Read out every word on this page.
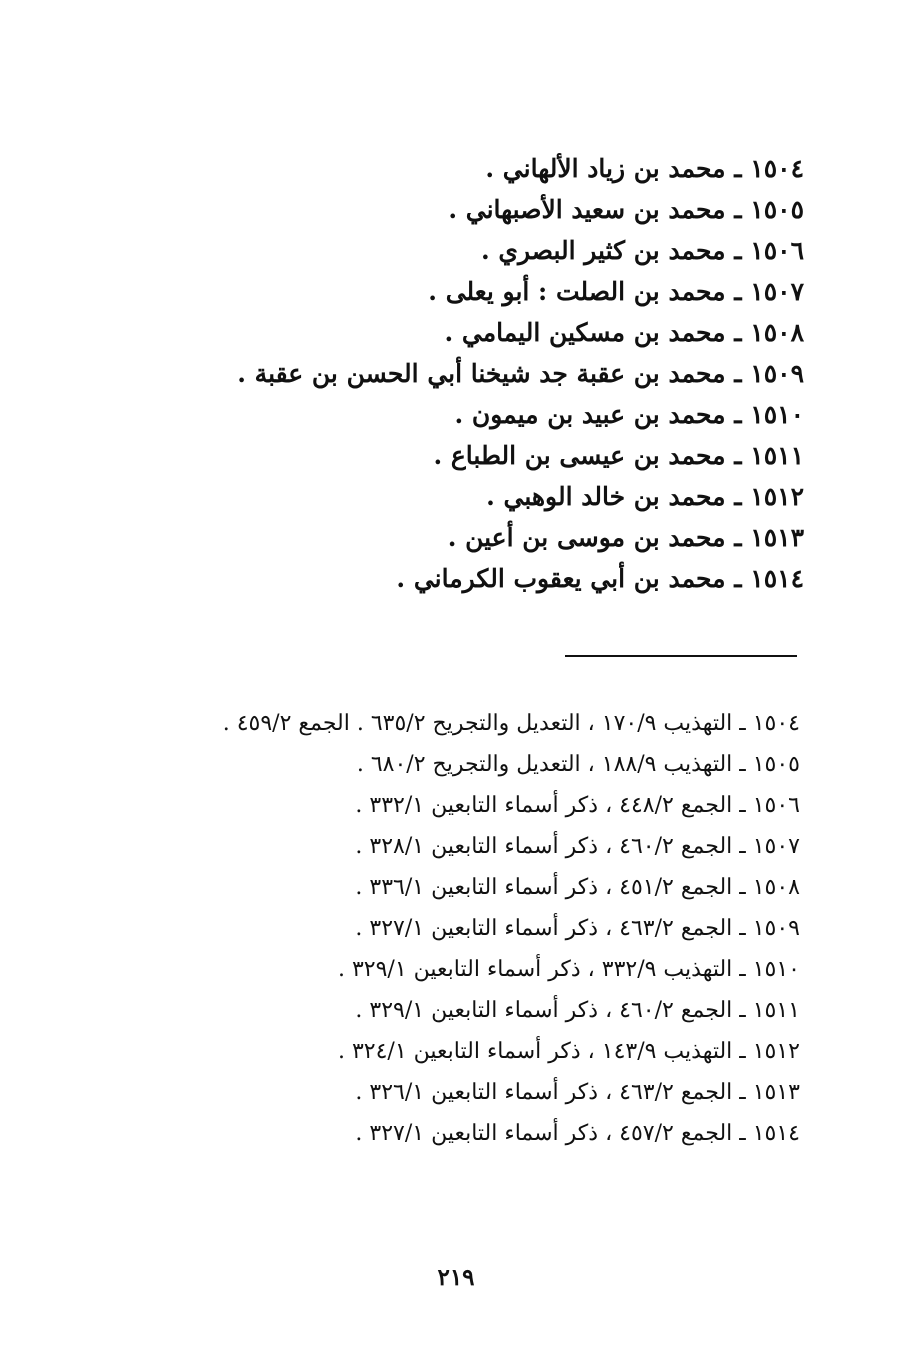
١٥٠٤ ـ محمد بن زياد الألهاني .
١٥٠٥ ـ محمد بن سعيد الأصبهاني .
١٥٠٦ ـ محمد بن كثير البصري .
١٥٠٧ ـ محمد بن الصلت : أبو يعلى .
١٥٠٨ ـ محمد بن مسكين اليمامي .
١٥٠٩ ـ محمد بن عقبة جد شيخنا أبي الحسن بن عقبة .
١٥١٠ ـ محمد بن عبيد بن ميمون .
١٥١١ ـ محمد بن عيسى بن الطباع .
١٥١٢ ـ محمد بن خالد الوهبي .
١٥١٣ ـ محمد بن موسى بن أعين .
١٥١٤ ـ محمد بن أبي يعقوب الكرماني .
١٥٠٤ ـ التهذيب ١٧٠/٩ ، التعديل والتجريح ٦٣٥/٢ . الجمع ٤٥٩/٢ .
١٥٠٥ ـ التهذيب ١٨٨/٩ ، التعديل والتجريح ٦٨٠/٢ .
١٥٠٦ ـ الجمع ٤٤٨/٢ ، ذكر أسماء التابعين ٣٣٢/١ .
١٥٠٧ ـ الجمع ٤٦٠/٢ ، ذكر أسماء التابعين ٣٢٨/١ .
١٥٠٨ ـ الجمع ٤٥١/٢ ، ذكر أسماء التابعين ٣٣٦/١ .
١٥٠٩ ـ الجمع ٤٦٣/٢ ، ذكر أسماء التابعين ٣٢٧/١ .
١٥١٠ ـ التهذيب ٣٣٢/٩ ، ذكر أسماء التابعين ٣٢٩/١ .
١٥١١ ـ الجمع ٤٦٠/٢ ، ذكر أسماء التابعين ٣٢٩/١ .
١٥١٢ ـ التهذيب ١٤٣/٩ ، ذكر أسماء التابعين ٣٢٤/١ .
١٥١٣ ـ الجمع ٤٦٣/٢ ، ذكر أسماء التابعين ٣٢٦/١ .
١٥١٤ ـ الجمع ٤٥٧/٢ ، ذكر أسماء التابعين ٣٢٧/١ .
٢١٩
